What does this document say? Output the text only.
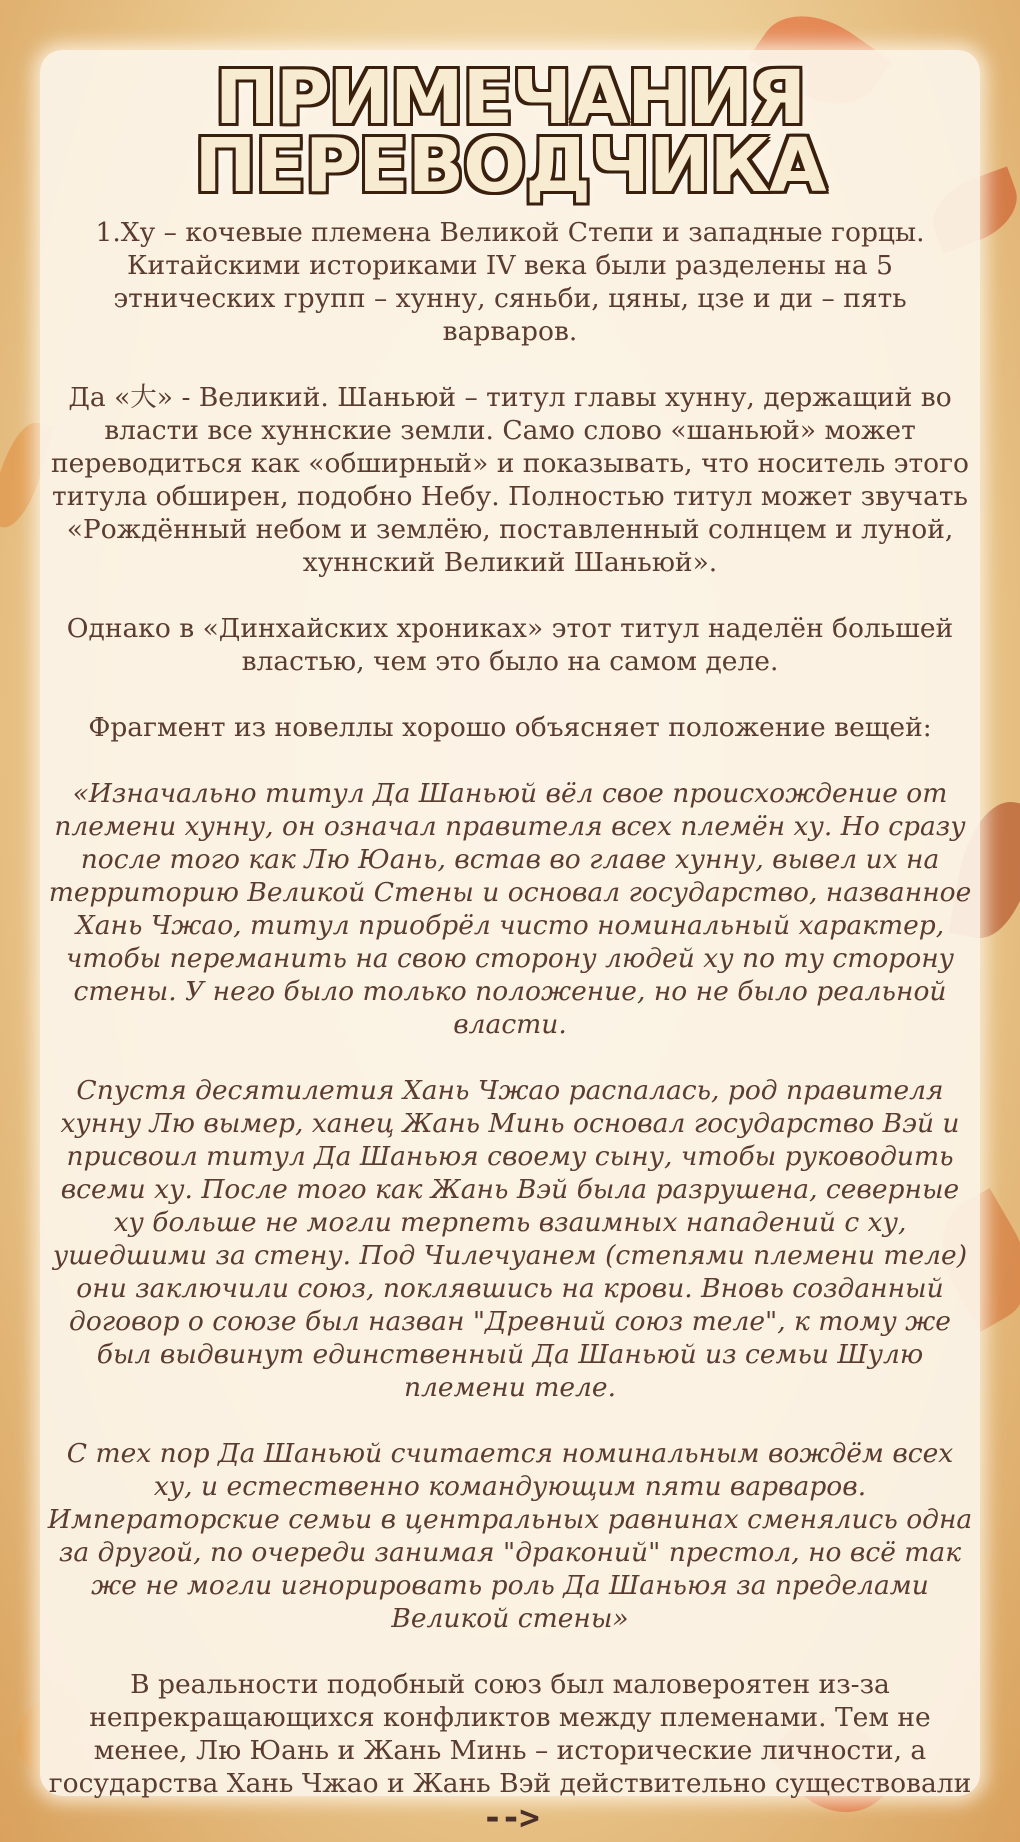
ПРИМЕЧАНИЯ
ПЕРЕВОДЧИКА

1.Ху – кочевые племена Великой Степи и западные горцы. Китайскими историками IV века были разделены на 5 этнических групп – хунну, сяньби, цяны, цзе и ди – пять варваров.

Да «大» - Великий. Шаньюй – титул главы хунну, держащий во власти все хуннские земли. Само слово «шаньюй» может переводиться как «обширный» и показывать, что носитель этого титула обширен, подобно Небу. Полностью титул может звучать «Рождённый небом и землёю, поставленный солнцем и луной, хуннский Великий Шаньюй».

Однако в «Динхайских хрониках» этот титул наделён большей властью, чем это было на самом деле.

Фрагмент из новеллы хорошо объясняет положение вещей:

«Изначально титул Да Шаньюй вёл свое происхождение от племени хунну, он означал правителя всех племён ху. Но сразу после того как Лю Юань, встав во главе хунну, вывел их на территорию Великой Стены и основал государство, названное Хань Чжао, титул приобрёл чисто номинальный характер, чтобы переманить на свою сторону людей ху по ту сторону стены. У него было только положение, но не было реальной власти.

Спустя десятилетия Хань Чжао распалась, род правителя хунну Лю вымер, ханец Жань Минь основал государство Вэй и присвоил титул Да Шаньюя своему сыну, чтобы руководить всеми ху. После того как Жань Вэй была разрушена, северные ху больше не могли терпеть взаимных нападений с ху, ушедшими за стену. Под Чилечуанем (степями племени теле) они заключили союз, поклявшись на крови. Вновь созданный договор о союзе был назван "Древний союз теле", к тому же был выдвинут единственный Да Шаньюй из семьи Шулю племени теле.

С тех пор Да Шаньюй считается номинальным вождём всех ху, и естественно командующим пяти варваров. Императорские семьи в центральных равнинах сменялись одна за другой, по очереди занимая "драконий" престол, но всё так же не могли игнорировать роль Да Шаньюя за пределами Великой стены»

В реальности подобный союз был маловероятен из-за непрекращающихся конфликтов между племенами. Тем не менее, Лю Юань и Жань Минь – исторические личности, а государства Хань Чжао и Жань Вэй действительно существовали

-->
